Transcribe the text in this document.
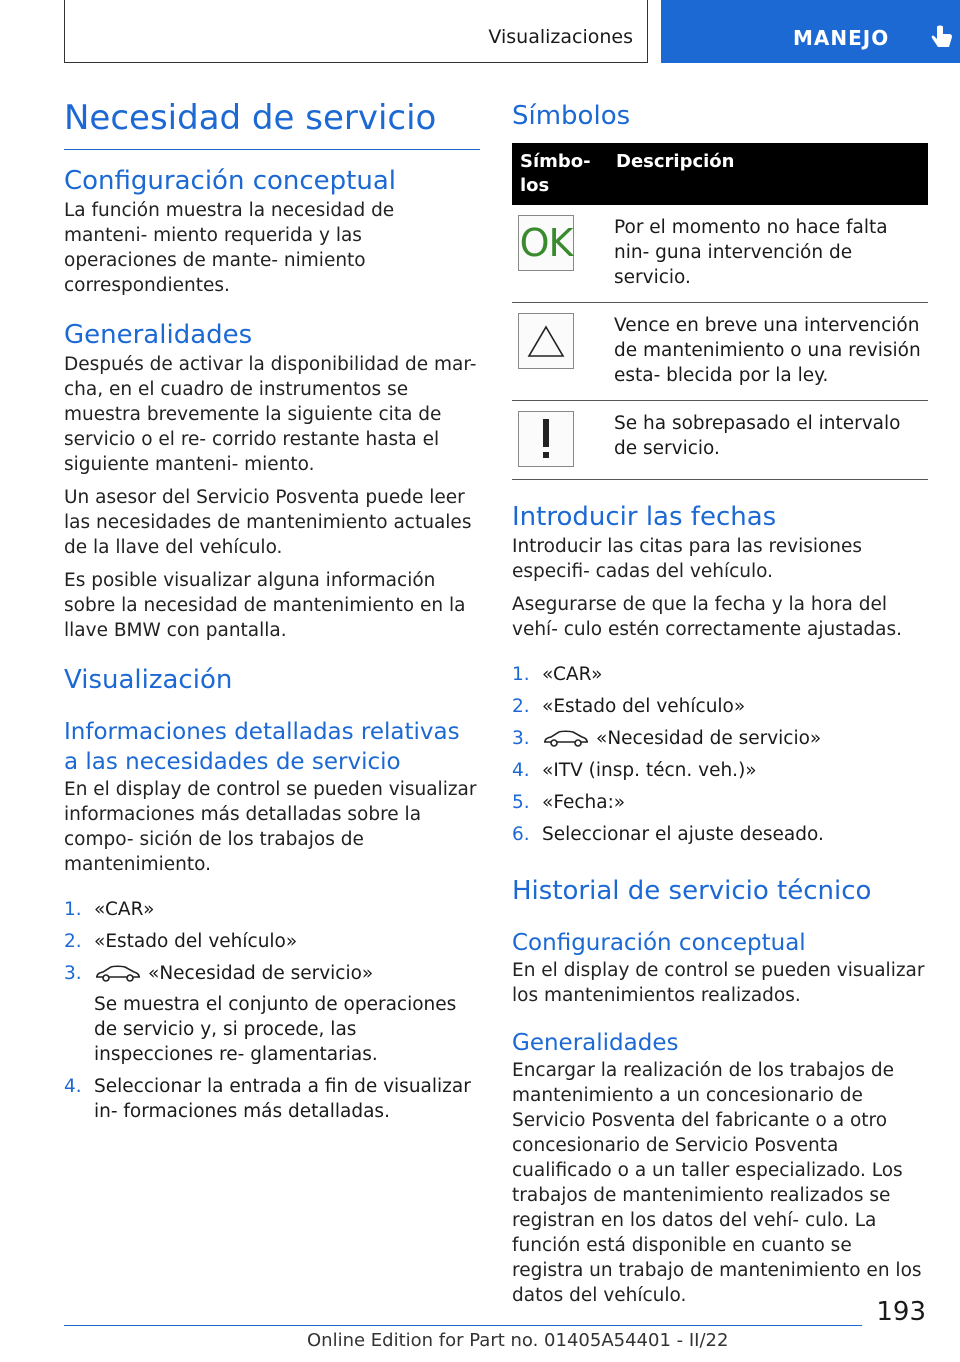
Visualizaciones	MANEJO
Necesidad de servicio
Configuración conceptual

La función muestra la necesidad de manteni- miento requerida y las operaciones de mante- nimiento correspondientes.

Generalidades

Después de activar la disponibilidad de mar- cha, en el cuadro de instrumentos se muestra brevemente la siguiente cita de servicio o el re- corrido restante hasta el siguiente manteni- miento.

Un asesor del Servicio Posventa puede leer las necesidades de mantenimiento actuales de la llave del vehículo.

Es posible visualizar alguna información sobre la necesidad de mantenimiento en la llave BMW con pantalla.

Visualización
Informaciones detalladas relativas a las necesidades de servicio

En el display de control se pueden visualizar informaciones más detalladas sobre la compo- sición de los trabajos de mantenimiento.

1. «CAR»
2. «Estado del vehículo»
3.	«Necesidad de servicio»
Se muestra el conjunto de operaciones de servicio y, si procede, las inspecciones re- glamentarias.
4. Seleccionar la entrada a fin de visualizar in- formaciones más detalladas.
Símbolos
Símbo- los	Descripción

OK	Por el momento no hace falta nin- guna intervención de servicio.

	Vence en breve una intervención de mantenimiento o una revisión esta- blecida por la ley.

	Se ha sobrepasado el intervalo de servicio.
Introducir las fechas

Introducir las citas para las revisiones especifi- cadas del vehículo.

Asegurarse de que la fecha y la hora del vehí- culo estén correctamente ajustadas.

1. «CAR»
2. «Estado del vehículo»
3.	«Necesidad de servicio»
4. «ITV (insp. técn. veh.)»
5. «Fecha:»
6. Seleccionar el ajuste deseado.
Historial de servicio técnico
Configuración conceptual

En el display de control se pueden visualizar los mantenimientos realizados.

Generalidades

Encargar la realización de los trabajos de mantenimiento a un concesionario de Servicio Posventa del fabricante o a otro concesionario de Servicio Posventa cualificado o a un taller especializado. Los trabajos de mantenimiento realizados se registran en los datos del vehí- culo. La función está disponible en cuanto se registra un trabajo de mantenimiento en los datos del vehículo.

193
Online Edition for Part no. 01405A54401 - II/22
